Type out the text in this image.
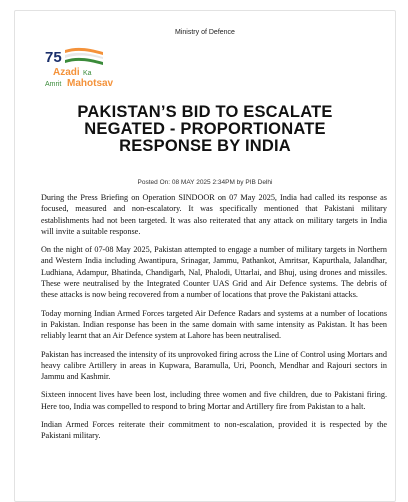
Ministry of Defence
75
Azadi Ka
Amrit Mahotsav
PAKISTAN’S BID TO ESCALATE
NEGATED - PROPORTIONATE
RESPONSE BY INDIA
Posted On: 08 MAY 2025 2:34PM by PIB Delhi

During the Press Briefing on Operation SINDOOR on 07 May 2025, India had called its response as focused, measured and non-escalatory. It was specifically mentioned that Pakistani military establishments had not been targeted. It was also reiterated that any attack on military targets in India will invite a suitable response.

On the night of 07-08 May 2025, Pakistan attempted to engage a number of military targets in Northern and Western India including Awantipura, Srinagar, Jammu, Pathankot, Amritsar, Kapurthala, Jalandhar, Ludhiana, Adampur, Bhatinda, Chandigarh, Nal, Phalodi, Uttarlai, and Bhuj, using drones and missiles. These were neutralised by the Integrated Counter UAS Grid and Air Defence systems. The debris of these attacks is now being recovered from a number of locations that prove the Pakistani attacks.

Today morning Indian Armed Forces targeted Air Defence Radars and systems at a number of locations in Pakistan. Indian response has been in the same domain with same intensity as Pakistan. It has been reliably learnt that an Air Defence system at Lahore has been neutralised.

Pakistan has increased the intensity of its unprovoked firing across the Line of Control using Mortars and heavy calibre Artillery in areas in Kupwara, Baramulla, Uri, Poonch, Mendhar and Rajouri sectors in Jammu and Kashmir.

Sixteen innocent lives have been lost, including three women and five children, due to Pakistani firing. Here too, India was compelled to respond to bring Mortar and Artillery fire from Pakistan to a halt.

Indian Armed Forces reiterate their commitment to non-escalation, provided it is respected by the Pakistani military.
